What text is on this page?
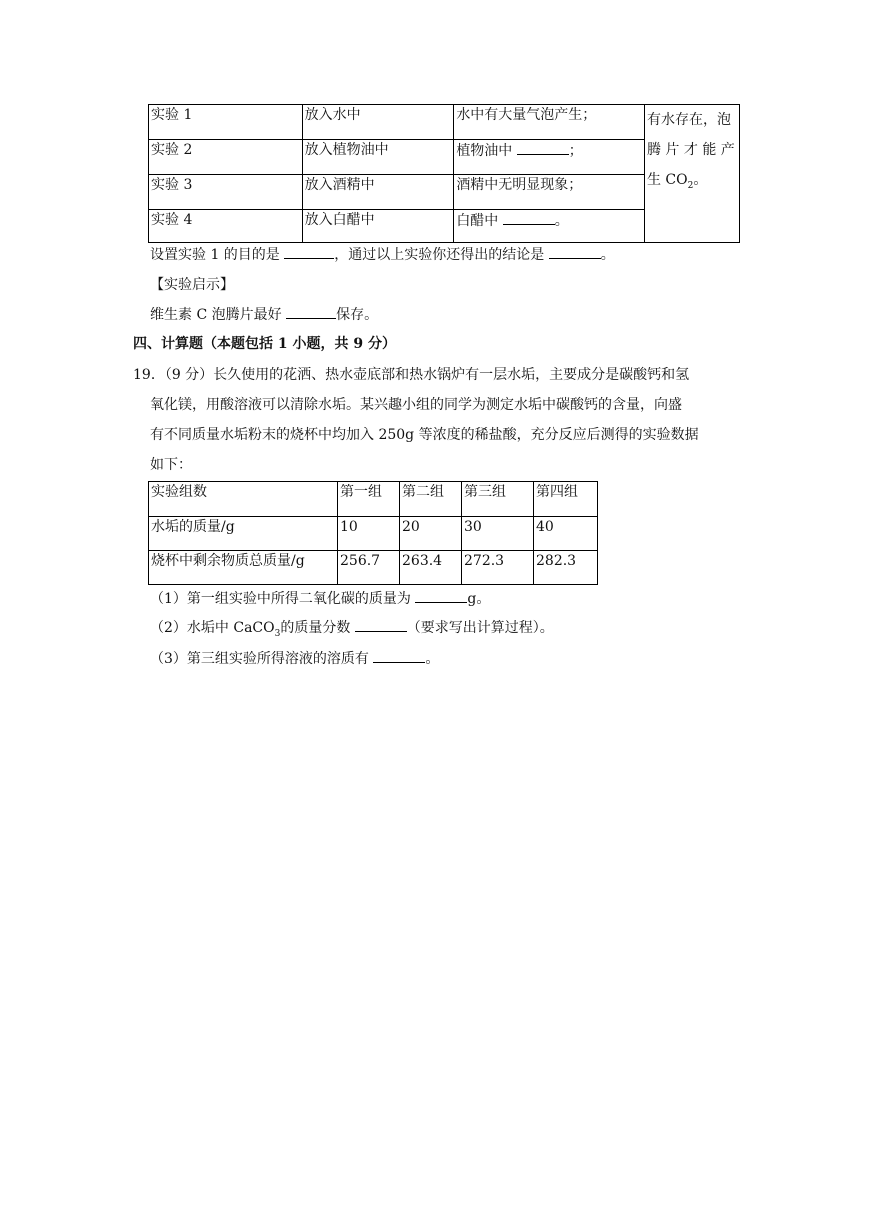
实验 1	放入水中	水中有大量气泡产生；	有水存在，泡
腾 片 才 能 产
生 $CO_2$。

实验 2	放入植物油中	植物油中 ；	
实验 3	放入酒精中	酒精中无明显现象；	
实验 4	放入白醋中	白醋中 。	
设置实验 1 的目的是	，通过以上实验你还得出的结论是	。
【实验启示】
维生素 C 泡腾片最好	保存。
四、计算题（本题包括 1 小题，共 9 分）
19．（9 分）长久使用的花洒、热水壶底部和热水锅炉有一层水垢，主要成分是碳酸钙和氢
氧化镁，用酸溶液可以清除水垢。某兴趣小组的同学为测定水垢中碳酸钙的含量，向盛
有不同质量水垢粉末的烧杯中均加入 250g 等浓度的稀盐酸，充分反应后测得的实验数据
如下：
实验组数	第一组	第二组	第三组	第四组
水垢的质量/g	10	20	30	40
烧杯中剩余物质总质量/g	256.7	263.4	272.3	282.3
（1）第一组实验中所得二氧化碳的质量为	g。
（2）水垢中 CaCO$_3$的质量分数	（要求写出计算过程）。
（3）第三组实验所得溶液的溶质有	。
